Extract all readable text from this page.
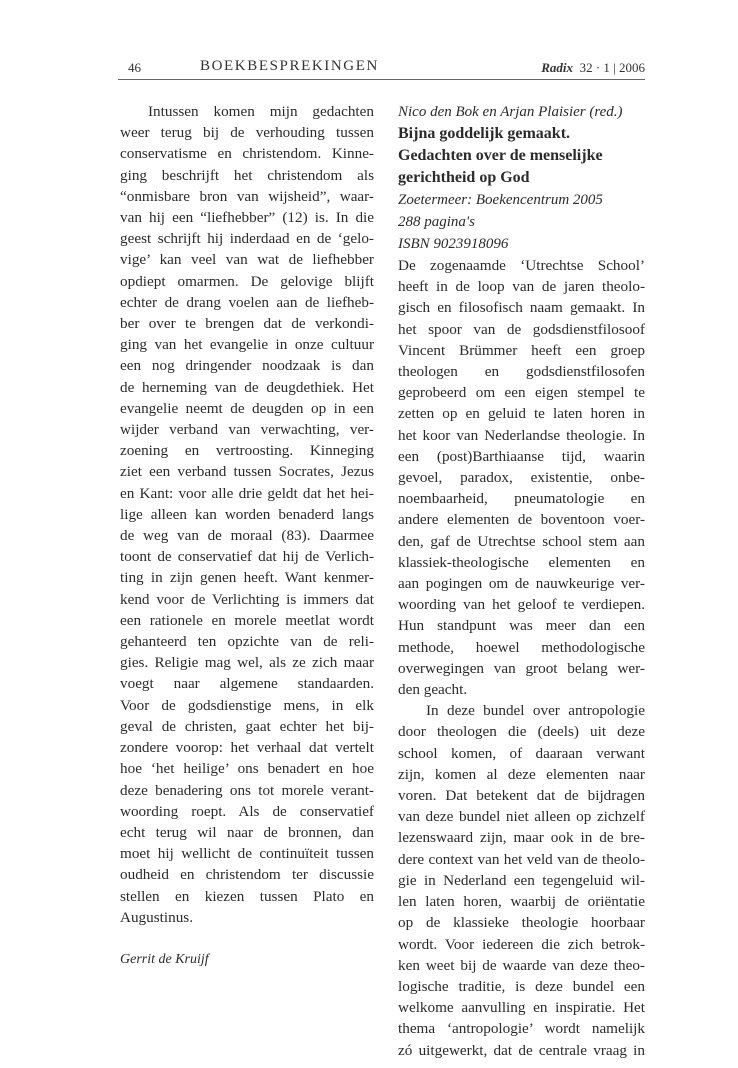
46	BOEKBESPREKINGEN	Radix 32 · 1 | 2006

Intussen komen mijn gedachten
weer terug bij de verhouding tussen
conservatisme en christendom. Kinne-
ging beschrijft het christendom als
“onmisbare bron van wijsheid”, waar-
van hij een “liefhebber” (12) is. In die
geest schrijft hij inderdaad en de ‘gelo-
vige’ kan veel van wat de liefhebber
opdiept omarmen. De gelovige blijft
echter de drang voelen aan de liefheb-
ber over te brengen dat de verkondi-
ging van het evangelie in onze cultuur
een nog dringender noodzaak is dan
de herneming van de deugdethiek. Het
evangelie neemt de deugden op in een
wijder verband van verwachting, ver-
zoening en vertroosting. Kinneging
ziet een verband tussen Socrates, Jezus
en Kant: voor alle drie geldt dat het hei-
lige alleen kan worden benaderd langs
de weg van de moraal (83). Daarmee
toont de conservatief dat hij de Verlich-
ting in zijn genen heeft. Want kenmer-
kend voor de Verlichting is immers dat
een rationele en morele meetlat wordt
gehanteerd ten opzichte van de reli-
gies. Religie mag wel, als ze zich maar
voegt naar algemene standaarden.
Voor de godsdienstige mens, in elk
geval de christen, gaat echter het bij-
zondere voorop: het verhaal dat vertelt
hoe ‘het heilige’ ons benadert en hoe
deze benadering ons tot morele verant-
woording roept. Als de conservatief
echt terug wil naar de bronnen, dan
moet hij wellicht de continuïteit tussen
oudheid en christendom ter discussie
stellen en kiezen tussen Plato en
Augustinus.

Gerrit de Kruijf
Nico den Bok en Arjan Plaisier (red.)
Bijna goddelijk gemaakt.
Gedachten over de menselijke
gerichtheid op God
Zoetermeer: Boekencentrum 2005
288 pagina's
ISBN 9023918096

De zogenaamde ‘Utrechtse School’
heeft in de loop van de jaren theolo-
gisch en filosofisch naam gemaakt. In
het spoor van de godsdienstfilosoof
Vincent Brümmer heeft een groep
theologen en godsdienstfilosofen
geprobeerd om een eigen stempel te
zetten op en geluid te laten horen in
het koor van Nederlandse theologie. In
een (post)Barthiaanse tijd, waarin
gevoel, paradox, existentie, onbe-
noembaarheid, pneumatologie en
andere elementen de boventoon voer-
den, gaf de Utrechtse school stem aan
klassiek-theologische elementen en
aan pogingen om de nauwkeurige ver-
woording van het geloof te verdiepen.
Hun standpunt was meer dan een
methode, hoewel methodologische
overwegingen van groot belang wer-
den geacht.

In deze bundel over antropologie
door theologen die (deels) uit deze
school komen, of daaraan verwant
zijn, komen al deze elementen naar
voren. Dat betekent dat de bijdragen
van deze bundel niet alleen op zichzelf
lezenswaard zijn, maar ook in de bre-
dere context van het veld van de theolo-
gie in Nederland een tegengeluid wil-
len laten horen, waarbij de oriëntatie
op de klassieke theologie hoorbaar
wordt. Voor iedereen die zich betrok-
ken weet bij de waarde van deze theo-
logische traditie, is deze bundel een
welkome aanvulling en inspiratie. Het
thema ‘antropologie’ wordt namelijk
zó uitgewerkt, dat de centrale vraag in
